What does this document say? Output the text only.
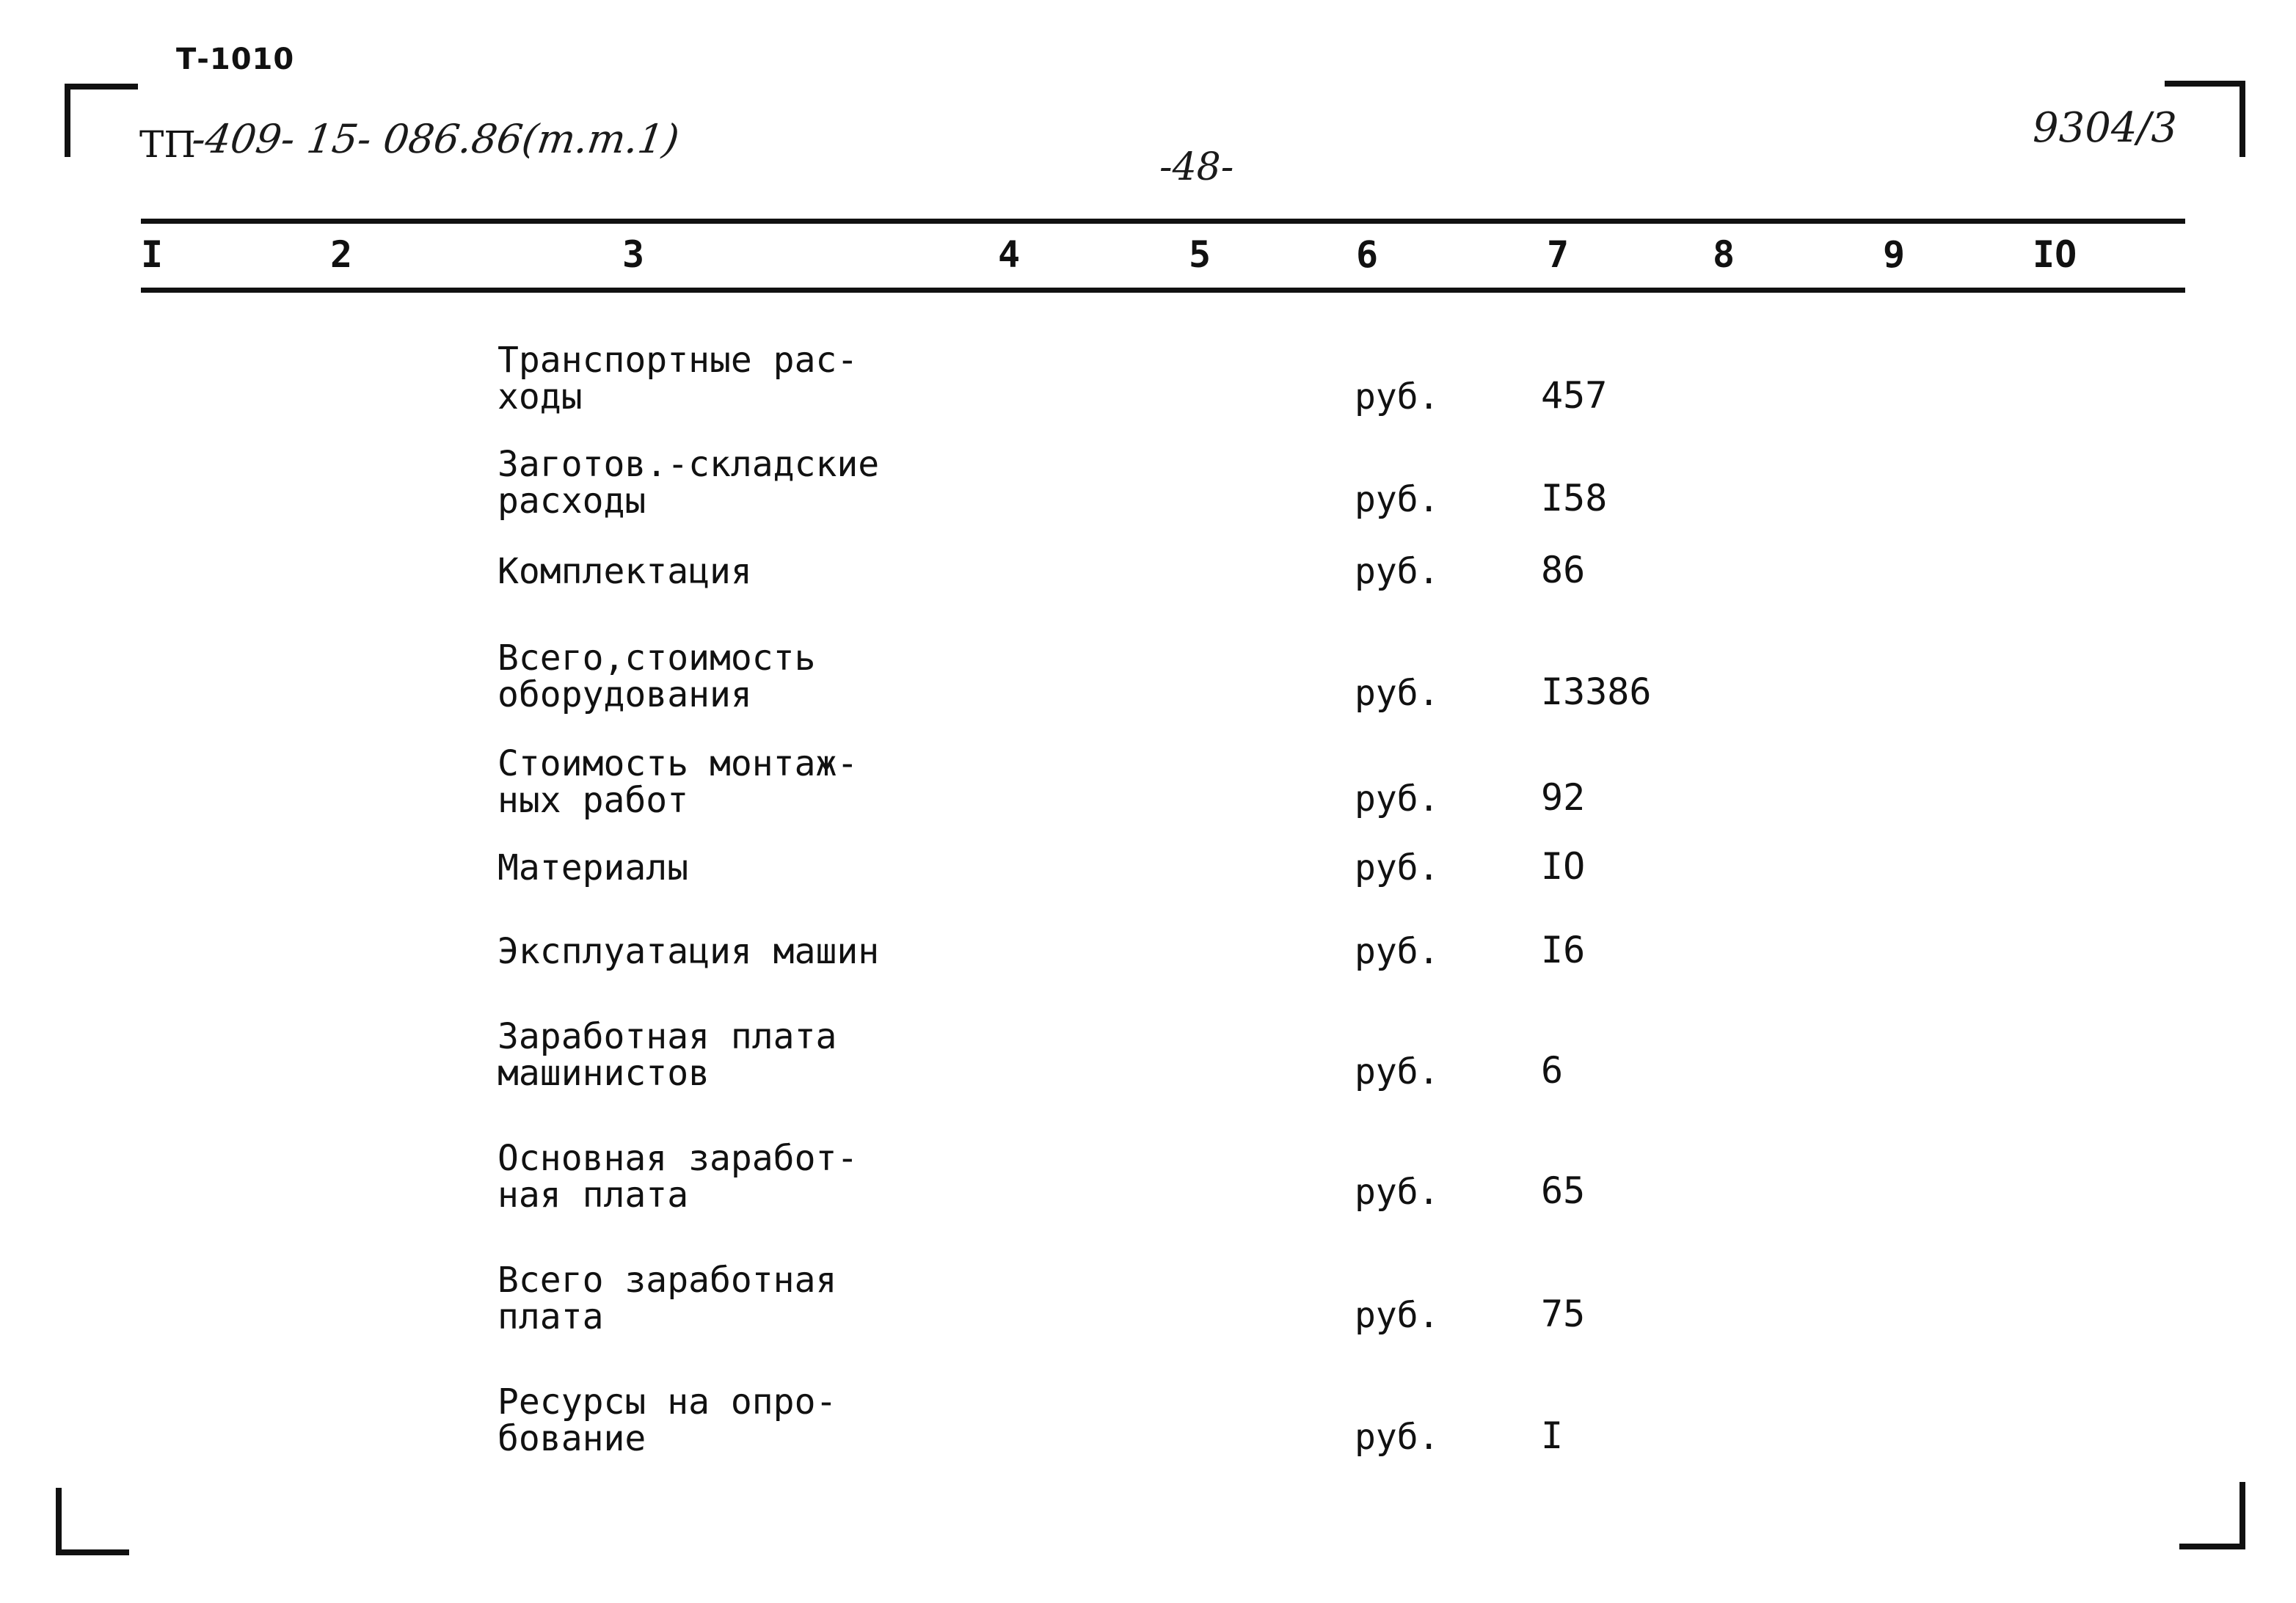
Т-1010
ТП
-409- 15- 086.86(т.т.1)
-48-
9304/3
I	2	3	4	5	6	7	8	9	IO
Транспортные рас-
ходы	руб.	457
Заготов.-складские
расходы	руб.	I58
Комплектация	руб.	86
Всего,стоимость
оборудования	руб.	I3386
Стоимость монтаж-
ных работ	руб.	92
Материалы	руб.	IO
Эксплуатация машин	руб.	I6
Заработная плата
машинистов	руб.	6
Основная заработ-
ная плата	руб.	65
Всего заработная
плата	руб.	75
Ресурсы на опро-
бование	руб.	I
